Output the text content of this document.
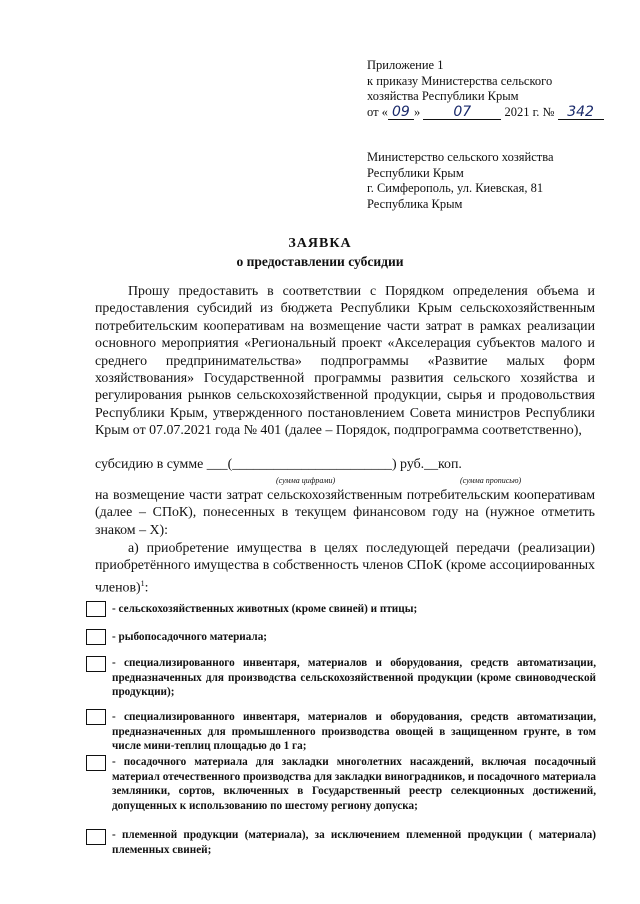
Приложение 1
к приказу Министерства сельского
хозяйства Республики Крым
от « 09 » 07	2021 г. № 342
Министерство сельского хозяйства
Республики Крым
г. Симферополь, ул. Киевская, 81
Республика Крым
ЗАЯВКА
о предоставлении субсидии
Прошу предоставить в соответствии с Порядком определения объема и предоставления субсидий из бюджета Республики Крым сельскохозяйственным потребительским кооперативам на возмещение части затрат в рамках реализации основного мероприятия «Региональный проект «Акселерация субъектов малого и среднего предпринимательства» подпрограммы «Развитие малых форм хозяйствования» Государственной программы развития сельского хозяйства и регулирования рынков сельскохозяйственной продукции, сырья и продовольствия Республики Крым, утвержденного постановлением Совета министров Республики Крым от 07.07.2021 года № 401 (далее – Порядок, подпрограмма соответственно),
субсидию в сумме ___(_______________________) руб.__коп.
(сумма цифрами)	(сумма прописью)
на возмещение части затрат сельскохозяйственным потребительским кооперативам (далее – СПоК), понесенных в текущем финансовом году на (нужное отметить знаком – X):
а) приобретение имущества в целях последующей передачи (реализации) приобретённого имущества в собственность членов СПоК (кроме ассоциированных членов)$^1$:
- сельскохозяйственных животных (кроме свиней) и птицы;
- рыбопосадочного материала;
- специализированного инвентаря, материалов и оборудования, средств автоматизации, предназначенных для производства сельскохозяйственной продукции (кроме свиноводческой продукции);
- специализированного инвентаря, материалов и оборудования, средств автоматизации, предназначенных для промышленного производства овощей в защищенном грунте, в том числе мини-теплиц площадью до 1 га;
- посадочного материала для закладки многолетних насаждений, включая посадочный материал отечественного производства для закладки виноградников, и посадочного материала земляники, сортов, включенных в Государственный реестр селекционных достижений, допущенных к использованию по шестому региону допуска;
- племенной продукции (материала), за исключением племенной продукции ( материала) племенных свиней;
